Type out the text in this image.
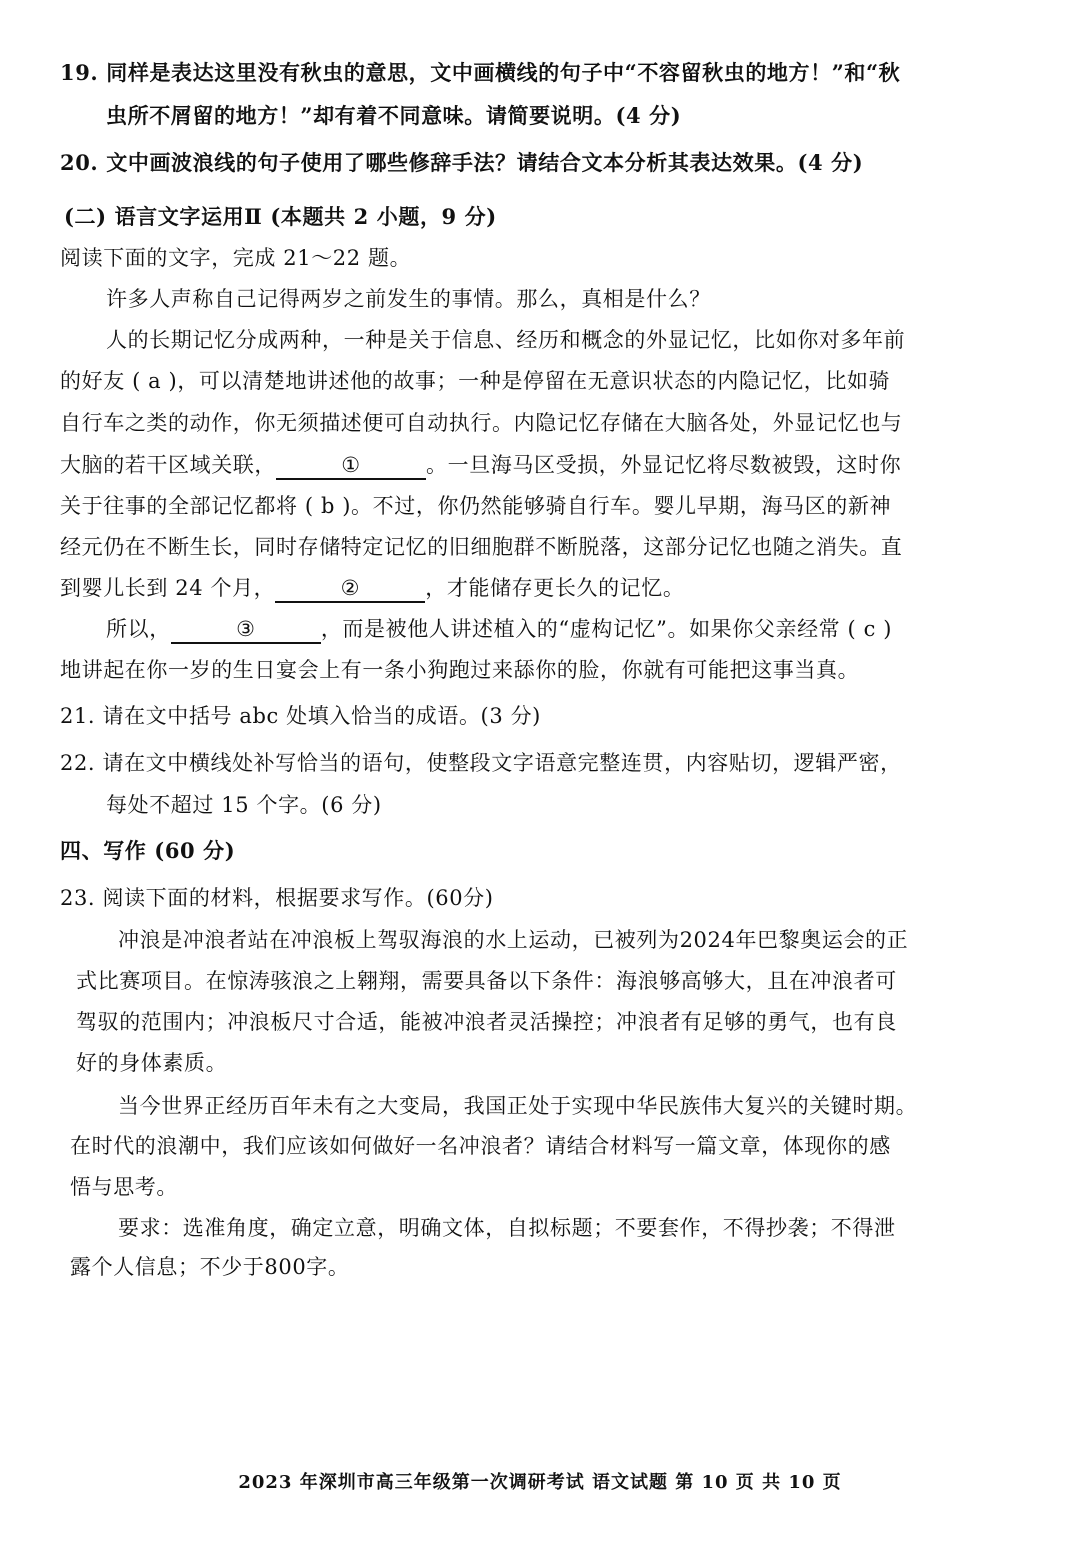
19. 同样是表达这里没有秋虫的意思，文中画横线的句子中“不容留秋虫的地方！”和“秋
虫所不屑留的地方！”却有着不同意味。请简要说明。(4 分)
20. 文中画波浪线的句子使用了哪些修辞手法？请结合文本分析其表达效果。(4 分)
(二) 语言文字运用Ⅱ (本题共 2 小题，9 分)
阅读下面的文字，完成 21～22 题。
许多人声称自己记得两岁之前发生的事情。那么，真相是什么？
人的长期记忆分成两种，一种是关于信息、经历和概念的外显记忆，比如你对多年前
的好友 ( a )，可以清楚地讲述他的故事；一种是停留在无意识状态的内隐记忆，比如骑
自行车之类的动作，你无须描述便可自动执行。内隐记忆存储在大脑各处，外显记忆也与
大脑的若干区域关联，	①	。一旦海马区受损，外显记忆将尽数被毁，这时你
关于往事的全部记忆都将 ( b )。不过，你仍然能够骑自行车。婴儿早期，海马区的新神
经元仍在不断生长，同时存储特定记忆的旧细胞群不断脱落，这部分记忆也随之消失。直
到婴儿长到 24 个月，	②	，才能储存更长久的记忆。
所以，	③	，而是被他人讲述植入的“虚构记忆”。如果你父亲经常 ( c )
地讲起在你一岁的生日宴会上有一条小狗跑过来舔你的脸，你就有可能把这事当真。
21. 请在文中括号 abc 处填入恰当的成语。(3 分)
22. 请在文中横线处补写恰当的语句，使整段文字语意完整连贯，内容贴切，逻辑严密，
每处不超过 15 个字。(6 分)
四、写作 (60 分)
23. 阅读下面的材料，根据要求写作。(60分)
冲浪是冲浪者站在冲浪板上驾驭海浪的水上运动，已被列为2024年巴黎奥运会的正
式比赛项目。在惊涛骇浪之上翱翔，需要具备以下条件：海浪够高够大，且在冲浪者可
驾驭的范围内；冲浪板尺寸合适，能被冲浪者灵活操控；冲浪者有足够的勇气，也有良
好的身体素质。
当今世界正经历百年未有之大变局，我国正处于实现中华民族伟大复兴的关键时期。
在时代的浪潮中，我们应该如何做好一名冲浪者？请结合材料写一篇文章，体现你的感
悟与思考。
要求：选准角度，确定立意，明确文体，自拟标题；不要套作，不得抄袭；不得泄
露个人信息；不少于800字。
2023 年深圳市高三年级第一次调研考试 语文试题 第 10 页 共 10 页
